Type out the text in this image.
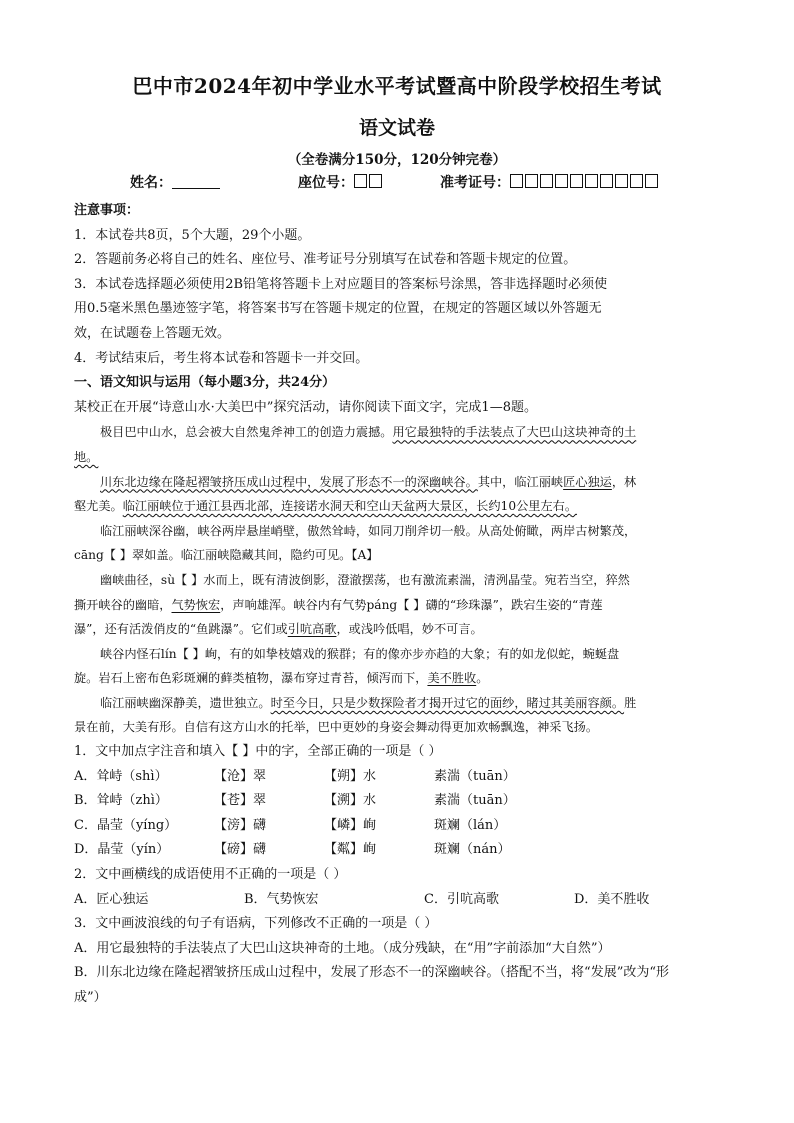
巴中市2024年初中学业水平考试暨高中阶段学校招生考试
语文试卷
（全卷满分150分，120分钟完卷）
姓名：	座位号：	准考证号：
注意事项：
1．本试卷共8页，5个大题，29个小题。
2．答题前务必将自己的姓名、座位号、准考证号分别填写在试卷和答题卡规定的位置。
3．本试卷选择题必须使用2B铅笔将答题卡上对应题目的答案标号涂黑，答非选择题时必须使
用0.5毫米黑色墨迹签字笔，将答案书写在答题卡规定的位置，在规定的答题区域以外答题无
效，在试题卷上答题无效。
4．考试结束后，考生将本试卷和答题卡一并交回。
一、语文知识与运用（每小题3分，共24分）
某校正在开展“诗意山水·大美巴中”探究活动，请你阅读下面文字，完成1—8题。
极目巴中山水，总会被大自然鬼斧神工的创造力震撼。用它最独特的手法装点了大巴山这块神奇的土
地。
川东北边缘在隆起褶皱挤压成山过程中，发展了形态不一的深幽峡谷。其中，临江丽峡匠心独运，林
壑尤美。临江丽峡位于通江县西北部，连接诺水洞天和空山天盆两大景区，长约10公里左右。
临江丽峡深谷幽，峡谷两岸悬崖峭壁，傲然耸峙，如同刀削斧切一般。从高处俯瞰，两岸古树繁茂，
cāng【 】翠如盖。临江丽峡隐藏其间，隐约可见。【A】
幽峡曲径，sù【 】水而上，既有清波倒影，澄澈摆荡，也有激流素湍，清洌晶莹。宛若当空，猝然
撕开峡谷的幽暗，气势恢宏，声响雄浑。峡谷内有气势páng【 】礴的“珍珠瀑”，跌宕生姿的“青莲
瀑”，还有活泼俏皮的“鱼跳瀑”。它们或引吭高歌，或浅吟低唱，妙不可言。
峡谷内怪石lín【 】峋，有的如挚枝嬉戏的猴群；有的像亦步亦趋的大象；有的如龙似蛇，蜿蜒盘
旋。岩石上密布色彩斑斓的藓类植物，瀑布穿过青苔，倾泻而下，美不胜收。
临江丽峡幽深静美，遗世独立。时至今日，只是少数探险者才揭开过它的面纱，睹过其美丽容颜。胜
景在前，大美有形。自信有这方山水的托举，巴中更妙的身姿会舞动得更加欢畅飘逸，神采飞扬。
1．文中加点字注音和填入【 】中的字，全部正确的一项是（ ）
A．耸峙（shì）	【沧】翠	【朔】水	素湍（tuān）
B．耸峙（zhì）	【苍】翠	【溯】水	素湍（tuān）
C．晶莹（yíng）	【滂】礴	【嶙】峋	斑斓（lán）
D．晶莹（yín）	【磅】礴	【粼】峋	斑斓（nán）
2．文中画横线的成语使用不正确的一项是（ ）
A．匠心独运	B．气势恢宏	C．引吭高歌	D．美不胜收
3．文中画波浪线的句子有语病，下列修改不正确的一项是（ ）
A．用它最独特的手法装点了大巴山这块神奇的土地。（成分残缺，在“用”字前添加“大自然”）
B．川东北边缘在隆起褶皱挤压成山过程中，发展了形态不一的深幽峡谷。（搭配不当，将“发展”改为“形
成”）
